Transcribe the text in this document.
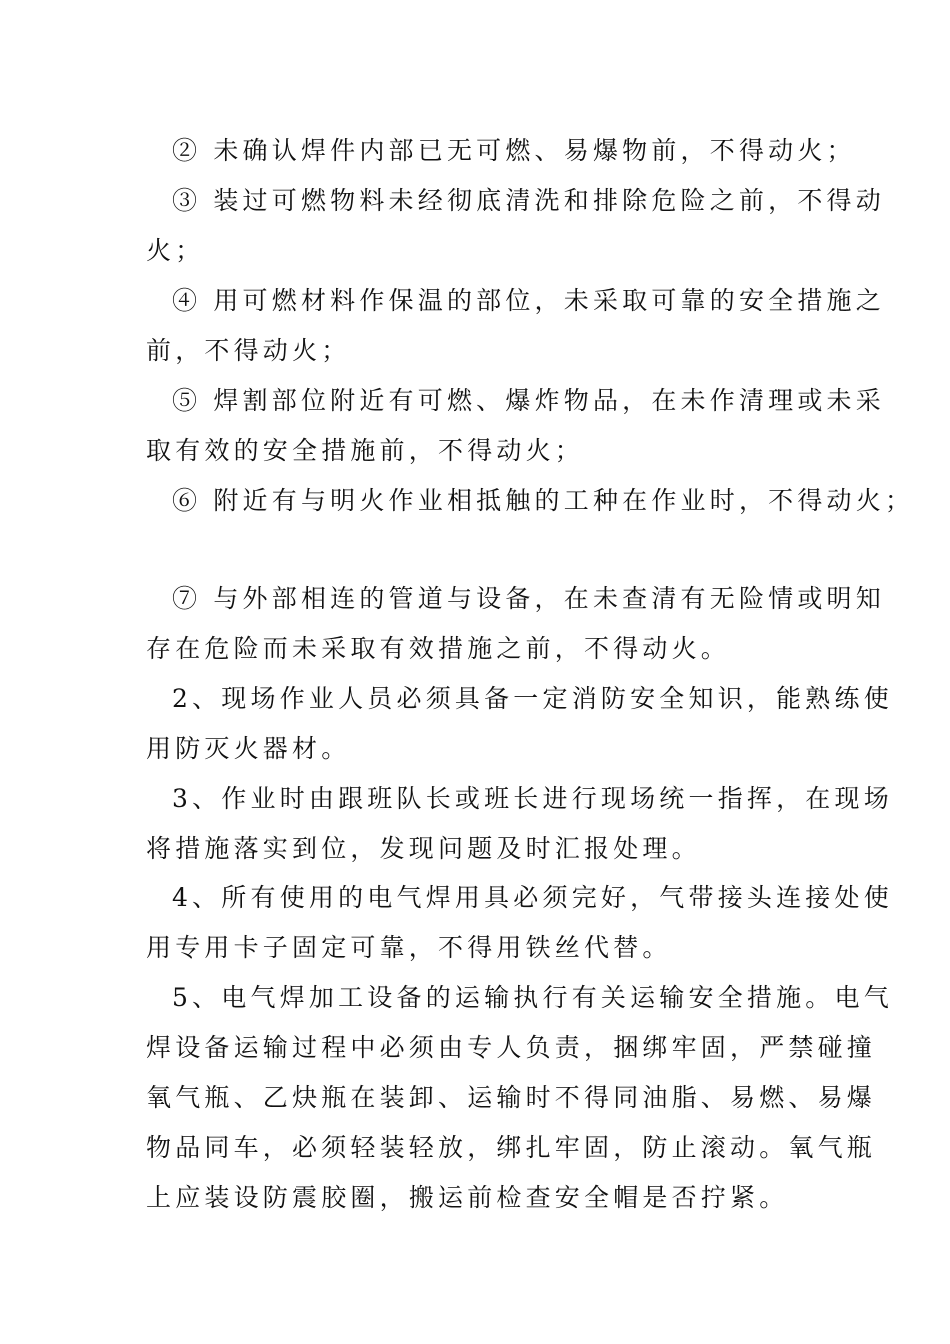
② 未确认焊件内部已无可燃、易爆物前，不得动火；
③ 装过可燃物料未经彻底清洗和排除危险之前，不得动
火；
④ 用可燃材料作保温的部位，未采取可靠的安全措施之
前，不得动火；
⑤ 焊割部位附近有可燃、爆炸物品，在未作清理或未采
取有效的安全措施前，不得动火；
⑥ 附近有与明火作业相抵触的工种在作业时，不得动火；
⑦ 与外部相连的管道与设备，在未查清有无险情或明知
存在危险而未采取有效措施之前，不得动火。
2、现场作业人员必须具备一定消防安全知识，能熟练使
用防灭火器材。
3、作业时由跟班队长或班长进行现场统一指挥，在现场
将措施落实到位，发现问题及时汇报处理。
4、所有使用的电气焊用具必须完好，气带接头连接处使
用专用卡子固定可靠，不得用铁丝代替。
5、电气焊加工设备的运输执行有关运输安全措施。电气
焊设备运输过程中必须由专人负责，捆绑牢固，严禁碰撞
氧气瓶、乙炔瓶在装卸、运输时不得同油脂、易燃、易爆
物品同车，必须轻装轻放，绑扎牢固，防止滚动。氧气瓶
上应装设防震胶圈，搬运前检查安全帽是否拧紧。
